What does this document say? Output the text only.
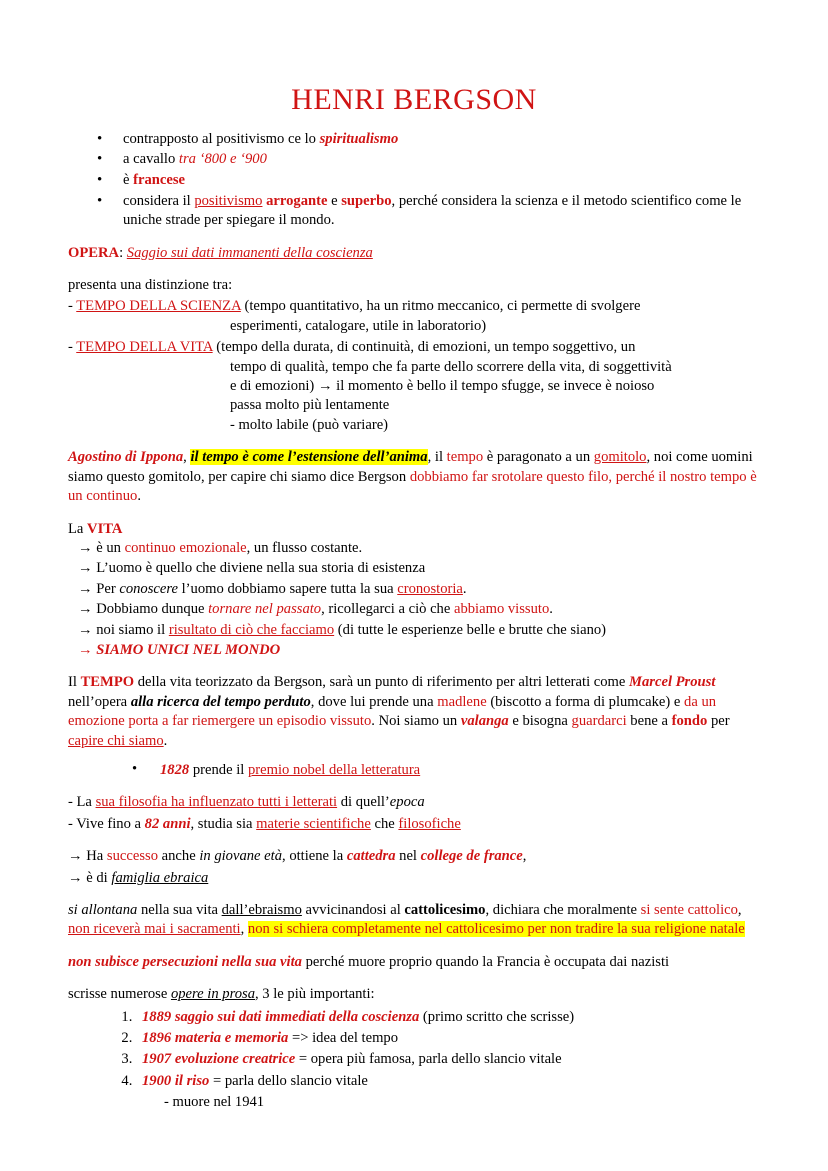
HENRI BERGSON
• contrapposto al positivismo ce lo spiritualismo
• a cavallo tra ‘800 e ‘900
• è francese
• considera il positivismo arrogante e superbo, perché considera la scienza e il metodo scientifico come le uniche strade per spiegare il mondo.

OPERA: Saggio sui dati immanenti della coscienza

presenta una distinzione tra:

- TEMPO DELLA SCIENZA (tempo quantitativo, ha un ritmo meccanico, ci permette di svolgere

esperimenti, catalogare, utile in laboratorio)

- TEMPO DELLA VITA (tempo della durata, di continuità, di emozioni, un tempo soggettivo, un

tempo di qualità, tempo che fa parte dello scorrere della vita, di soggettività

e di emozioni) → il momento è bello il tempo sfugge, se invece è noioso

passa molto più lentamente

- molto labile (può variare)

Agostino di Ippona, il tempo è come l’estensione dell’anima, il tempo è paragonato a un gomitolo, noi come uomini siamo questo gomitolo, per capire chi siamo dice Bergson dobbiamo far srotolare questo filo, perché il nostro tempo è un continuo.

La VITA

→ è un continuo emozionale, un flusso costante.
→ L’uomo è quello che diviene nella sua storia di esistenza
→ Per conoscere l’uomo dobbiamo sapere tutta la sua cronostoria.
→ Dobbiamo dunque tornare nel passato, ricollegarci a ciò che abbiamo vissuto.
→ noi siamo il risultato di ciò che facciamo (di tutte le esperienze belle e brutte che siano)
→ SIAMO UNICI NEL MONDO

Il TEMPO della vita teorizzato da Bergson, sarà un punto di riferimento per altri letterati come Marcel Proust nell’opera alla ricerca del tempo perduto, dove lui prende una madlene (biscotto a forma di plumcake) e da un emozione porta a far riemergere un episodio vissuto. Noi siamo un valanga e bisogna guardarci bene a fondo per capire chi siamo.

• 1828 prende il premio nobel della letteratura

- La sua filosofia ha influenzato tutti i letterati di quell’epoca

- Vive fino a 82 anni, studia sia materie scientifiche che filosofiche

→ Ha successo anche in giovane età, ottiene la cattedra nel college de france,

→ è di famiglia ebraica

si allontana nella sua vita dall’ebraismo avvicinandosi al cattolicesimo, dichiara che moralmente si sente cattolico, non riceverà mai i sacramenti, non si schiera completamente nel cattolicesimo per non tradire la sua religione natale

non subisce persecuzioni nella sua vita perché muore proprio quando la Francia è occupata dai nazisti

scrisse numerose opere in prosa, 3 le più importanti:

1. 1889 saggio sui dati immediati della coscienza (primo scritto che scrisse)
2. 1896 materia e memoria => idea del tempo
3. 1907 evoluzione creatrice = opera più famosa, parla dello slancio vitale
4. 1900 il riso = parla dello slancio vitale

- muore nel 1941
